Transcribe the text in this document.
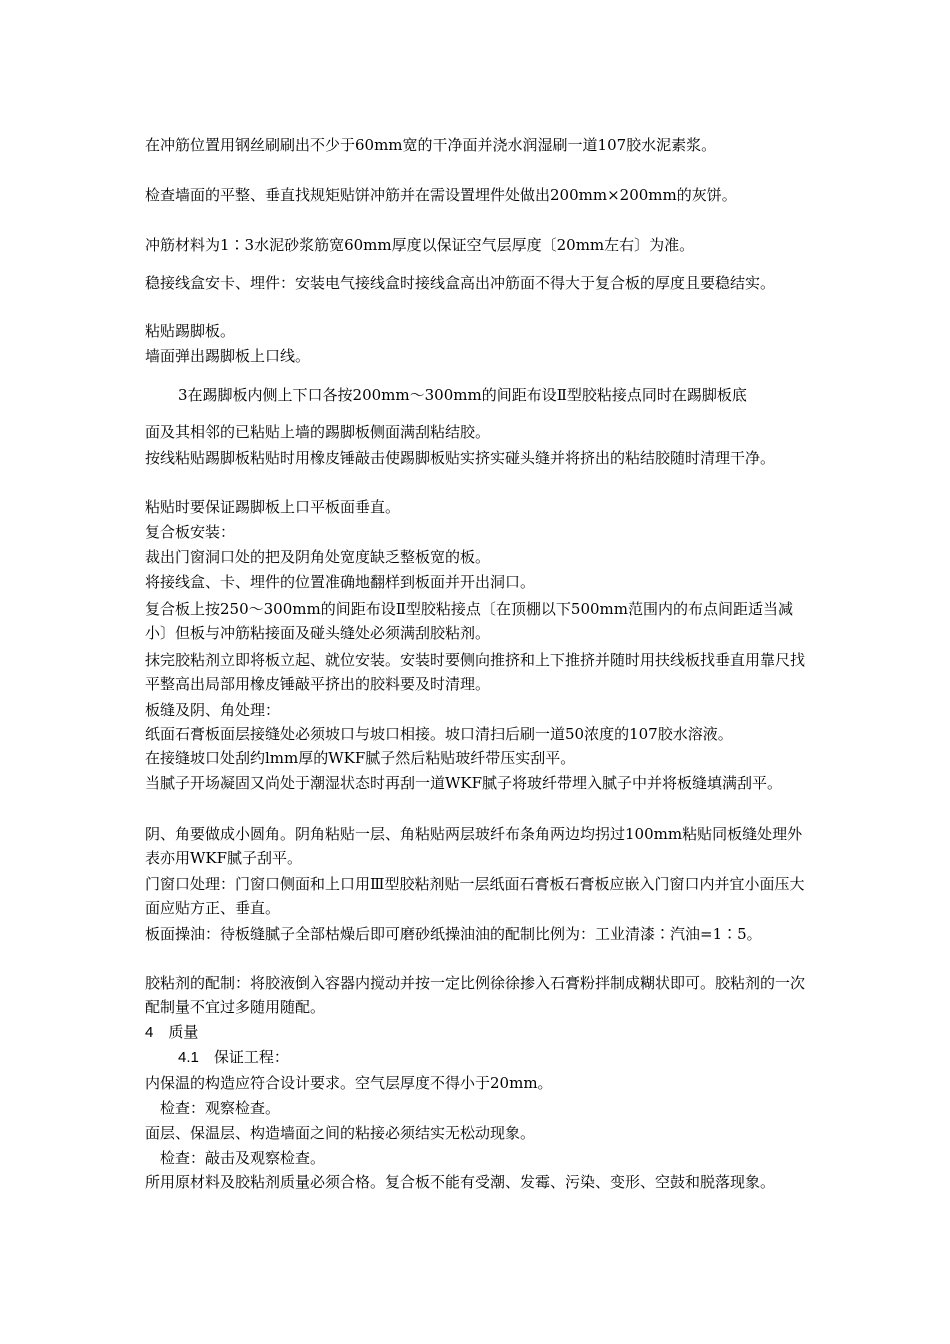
在冲筋位置用钢丝刷刷出不少于60mm宽的干净面并浇水润湿刷一道107胶水泥素浆。
检查墙面的平整、垂直找规矩贴饼冲筋并在需设置埋件处做出200mm×200mm的灰饼。
冲筋材料为1∶3水泥砂浆筋宽60mm厚度以保证空气层厚度〔20mm左右〕为准。
稳接线盒安卡、埋件：安装电气接线盒时接线盒高出冲筋面不得大于复合板的厚度且要稳结实。
粘贴踢脚板。
墙面弹出踢脚板上口线。
3在踢脚板内侧上下口各按200mm～300mm的间距布设Ⅱ型胶粘接点同时在踢脚板底
面及其相邻的已粘贴上墙的踢脚板侧面满刮粘结胶。
按线粘贴踢脚板粘贴时用橡皮锤敲击使踢脚板贴实挤实碰头缝并将挤出的粘结胶随时清理干净。
粘贴时要保证踢脚板上口平板面垂直。
复合板安装：
裁出门窗洞口处的把及阴角处宽度缺乏整板宽的板。
将接线盒、卡、埋件的位置准确地翻样到板面并开出洞口。
复合板上按250～300mm的间距布设Ⅱ型胶粘接点〔在顶棚以下500mm范围内的布点间距适当减小〕但板与冲筋粘接面及碰头缝处必须满刮胶粘剂。
抹完胶粘剂立即将板立起、就位安装。安装时要侧向推挤和上下推挤并随时用扶线板找垂直用靠尺找平整高出局部用橡皮锤敲平挤出的胶料要及时清理。
板缝及阴、角处理：
纸面石膏板面层接缝处必须坡口与坡口相接。坡口清扫后刷一道50浓度的107胶水溶液。
在接缝坡口处刮约lmm厚的WKF腻子然后粘贴玻纤带压实刮平。
当腻子开场凝固又尚处于潮湿状态时再刮一道WKF腻子将玻纤带埋入腻子中并将板缝填满刮平。
阴、角要做成小圆角。阴角粘贴一层、角粘贴两层玻纤布条角两边均拐过100mm粘贴同板缝处理外表亦用WKF腻子刮平。
门窗口处理：门窗口侧面和上口用Ⅲ型胶粘剂贴一层纸面石膏板石膏板应嵌入门窗口内并宜小面压大面应贴方正、垂直。
板面操油：待板缝腻子全部枯燥后即可磨砂纸操油油的配制比例为：工业清漆∶汽油=1∶5。
胶粘剂的配制：将胶液倒入容器内搅动并按一定比例徐徐掺入石膏粉拌制成糊状即可。胶粘剂的一次配制量不宜过多随用随配。
4　质量
4.1　保证工程：
内保温的构造应符合设计要求。空气层厚度不得小于20mm。
检查：观察检查。
面层、保温层、构造墙面之间的粘接必须结实无松动现象。
检查：敲击及观察检查。
所用原材料及胶粘剂质量必须合格。复合板不能有受潮、发霉、污染、变形、空鼓和脱落现象。
